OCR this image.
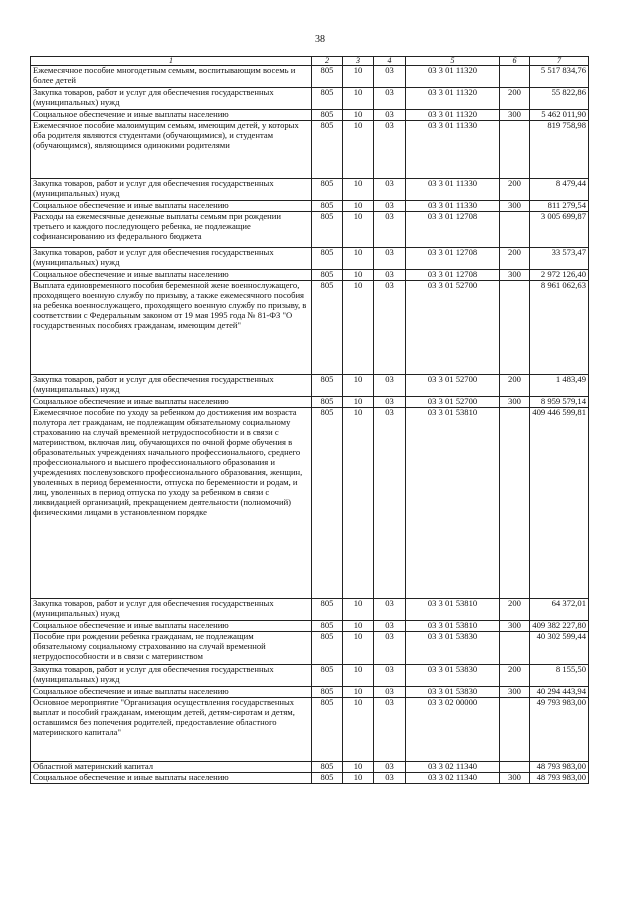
38
1	2	3	4	5	6	7
Ежемесячное пособие многодетным семьям, воспитывающим восемь и более детей	805	10	03	03 3 01 11320		5 517 834,76
Закупка товаров, работ и услуг для обеспечения государственных (муниципальных) нужд	805	10	03	03 3 01 11320	200	55 822,86
Социальное обеспечение и иные выплаты населению	805	10	03	03 3 01 11320	300	5 462 011,90
Ежемесячное пособие малоимущим семьям, имеющим детей, у которых оба родителя являются студентами (обучающимися), и студентам (обучающимся), являющимся одинокими родителями	805	10	03	03 3 01 11330		819 758,98
Закупка товаров, работ и услуг для обеспечения государственных (муниципальных) нужд	805	10	03	03 3 01 11330	200	8 479,44
Социальное обеспечение и иные выплаты населению	805	10	03	03 3 01 11330	300	811 279,54
Расходы на ежемесячные денежные выплаты семьям при рождении третьего и каждого последующего ребенка, не подлежащие софинансированию из федерального бюджета	805	10	03	03 3 01 12708		3 005 699,87
Закупка товаров, работ и услуг для обеспечения государственных (муниципальных) нужд	805	10	03	03 3 01 12708	200	33 573,47
Социальное обеспечение и иные выплаты населению	805	10	03	03 3 01 12708	300	2 972 126,40
Выплата единовременного пособия беременной жене военнослужащего, проходящего военную службу по призыву, а также ежемесячного пособия на ребенка военнослужащего, проходящего военную службу по призыву, в соответствии с Федеральным законом от 19 мая 1995 года № 81-ФЗ "О государственных пособиях гражданам, имеющим детей"	805	10	03	03 3 01 52700		8 961 062,63
Закупка товаров, работ и услуг для обеспечения государственных (муниципальных) нужд	805	10	03	03 3 01 52700	200	1 483,49
Социальное обеспечение и иные выплаты населению	805	10	03	03 3 01 52700	300	8 959 579,14
Ежемесячное пособие по уходу за ребенком до достижения им возраста полутора лет гражданам, не подлежащим обязательному социальному страхованию на случай временной нетрудоспособности и в связи с материнством, включая лиц, обучающихся по очной форме обучения в образовательных учреждениях начального профессионального, среднего профессионального и высшего профессионального образования и учреждениях послевузовского профессионального образования, женщин, уволенных в период беременности, отпуска по беременности и родам, и лиц, уволенных в период отпуска по уходу за ребенком в связи с ликвидацией организаций, прекращением деятельности (полномочий) физическими лицами в установленном порядке	805	10	03	03 3 01 53810		409 446 599,81
Закупка товаров, работ и услуг для обеспечения государственных (муниципальных) нужд	805	10	03	03 3 01 53810	200	64 372,01
Социальное обеспечение и иные выплаты населению	805	10	03	03 3 01 53810	300	409 382 227,80
Пособие при рождении ребенка гражданам, не подлежащим обязательному социальному страхованию на случай временной нетрудоспособности и в связи с материнством	805	10	03	03 3 01 53830		40 302 599,44
Закупка товаров, работ и услуг для обеспечения государственных (муниципальных) нужд	805	10	03	03 3 01 53830	200	8 155,50
Социальное обеспечение и иные выплаты населению	805	10	03	03 3 01 53830	300	40 294 443,94
Основное мероприятие "Организация осуществления государственных выплат и пособий гражданам, имеющим детей, детям-сиротам и детям, оставшимся без попечения родителей, предоставление областного материнского капитала"	805	10	03	03 3 02 00000		49 793 983,00
Областной материнский капитал	805	10	03	03 3 02 11340		48 793 983,00
Социальное обеспечение и иные выплаты населению	805	10	03	03 3 02 11340	300	48 793 983,00
